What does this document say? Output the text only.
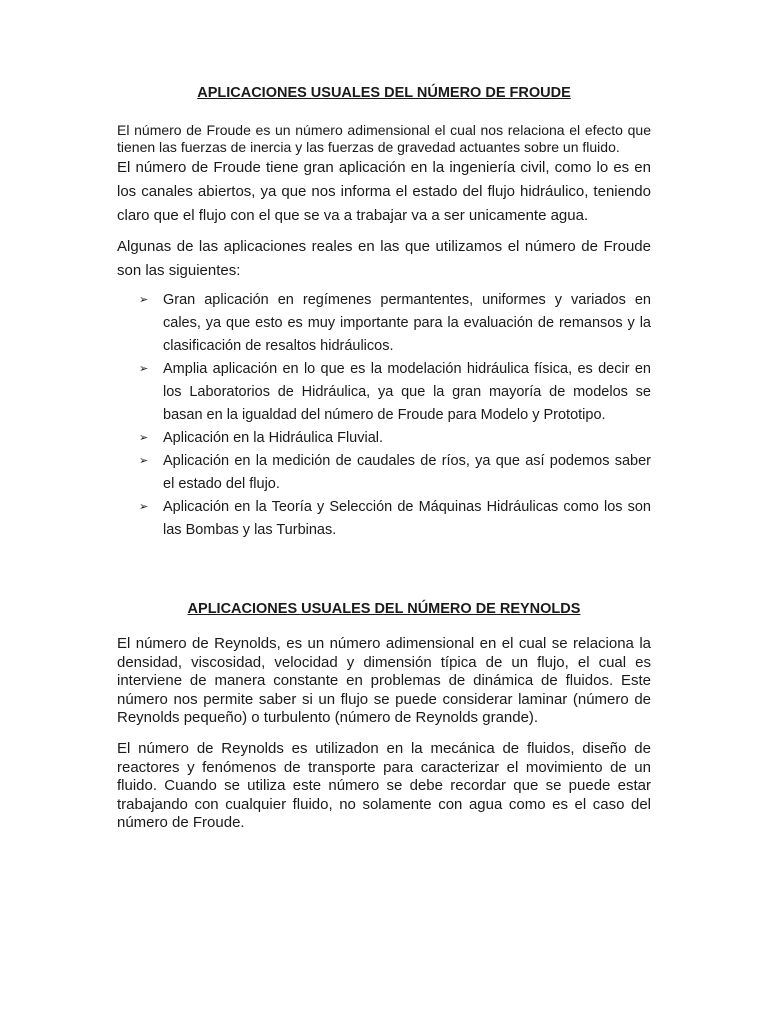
APLICACIONES USUALES DEL NÚMERO DE FROUDE

El número de Froude es un número adimensional el cual nos relaciona el efecto que tienen las fuerzas de inercia y las fuerzas de gravedad actuantes sobre un fluido.

El número de Froude tiene gran aplicación en la ingeniería civil, como lo es en los canales abiertos, ya que nos informa el estado del flujo hidráulico, teniendo claro que el flujo con el que se va a trabajar va a ser unicamente agua.

Algunas de las aplicaciones reales en las que utilizamos el número de Froude son las siguientes:

➢ Gran aplicación en regímenes permantentes, uniformes y variados en cales, ya que esto es muy importante para la evaluación de remansos y la clasificación de resaltos hidráulicos.
➢ Amplia aplicación en lo que es la modelación hidráulica física, es decir en los Laboratorios de Hidráulica, ya que la gran mayoría de modelos se basan en la igualdad del número de Froude para Modelo y Prototipo.
➢ Aplicación en la Hidráulica Fluvial.
➢ Aplicación en la medición de caudales de ríos, ya que así podemos saber el estado del flujo.
➢ Aplicación en la Teoría y Selección de Máquinas Hidráulicas como los son las Bombas y las Turbinas.
APLICACIONES USUALES DEL NÚMERO DE REYNOLDS

El número de Reynolds, es un número adimensional en el cual se relaciona la densidad, viscosidad, velocidad y dimensión típica de un flujo, el cual es interviene de manera constante en problemas de dinámica de fluidos. Este número nos permite saber si un flujo se puede considerar laminar (número de Reynolds pequeño) o turbulento (número de Reynolds grande).

El número de Reynolds es utilizadon en la mecánica de fluidos, diseño de reactores y fenómenos de transporte para caracterizar el movimiento de un fluido. Cuando se utiliza este número se debe recordar que se puede estar trabajando con cualquier fluido, no solamente con agua como es el caso del número de Froude.
